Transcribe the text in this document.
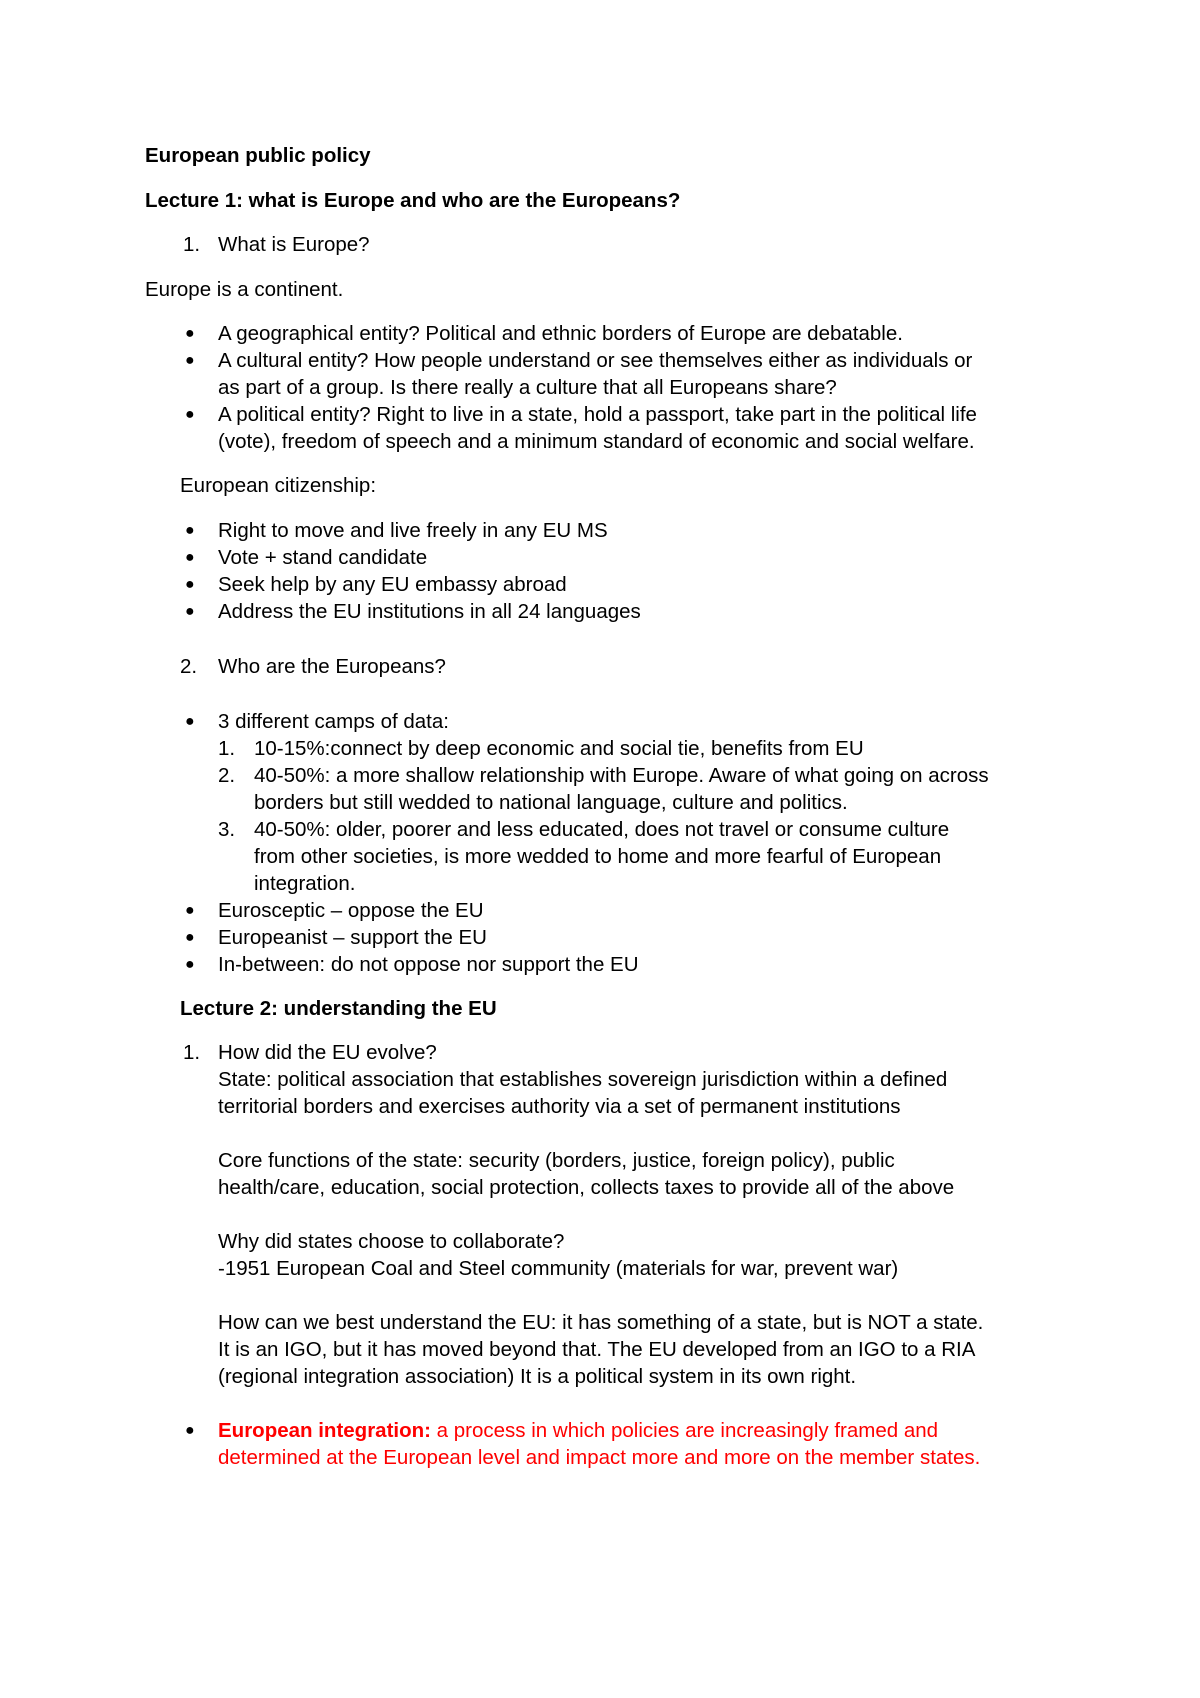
European public policy
Lecture 1: what is Europe and who are the Europeans?
1. What is Europe?
Europe is a continent.
● A geographical entity? Political and ethnic borders of Europe are debatable.
● A cultural entity? How people understand or see themselves either as individuals or
as part of a group. Is there really a culture that all Europeans share?
● A political entity? Right to live in a state, hold a passport, take part in the political life
(vote), freedom of speech and a minimum standard of economic and social welfare.
European citizenship:
● Right to move and live freely in any EU MS
● Vote + stand candidate
● Seek help by any EU embassy abroad
● Address the EU institutions in all 24 languages
2. Who are the Europeans?
● 3 different camps of data:
1. 10-15%:connect by deep economic and social tie, benefits from EU
2. 40-50%: a more shallow relationship with Europe. Aware of what going on across
borders but still wedded to national language, culture and politics.
3. 40-50%: older, poorer and less educated, does not travel or consume culture
from other societies, is more wedded to home and more fearful of European
integration.
● Eurosceptic – oppose the EU
● Europeanist – support the EU
● In-between: do not oppose nor support the EU
Lecture 2: understanding the EU
1. How did the EU evolve?
State: political association that establishes sovereign jurisdiction within a defined
territorial borders and exercises authority via a set of permanent institutions
Core functions of the state: security (borders, justice, foreign policy), public
health/care, education, social protection, collects taxes to provide all of the above
Why did states choose to collaborate?
-1951 European Coal and Steel community (materials for war, prevent war)
How can we best understand the EU: it has something of a state, but is NOT a state.
It is an IGO, but it has moved beyond that. The EU developed from an IGO to a RIA
(regional integration association) It is a political system in its own right.
● European integration: a process in which policies are increasingly framed and
determined at the European level and impact more and more on the member states.
